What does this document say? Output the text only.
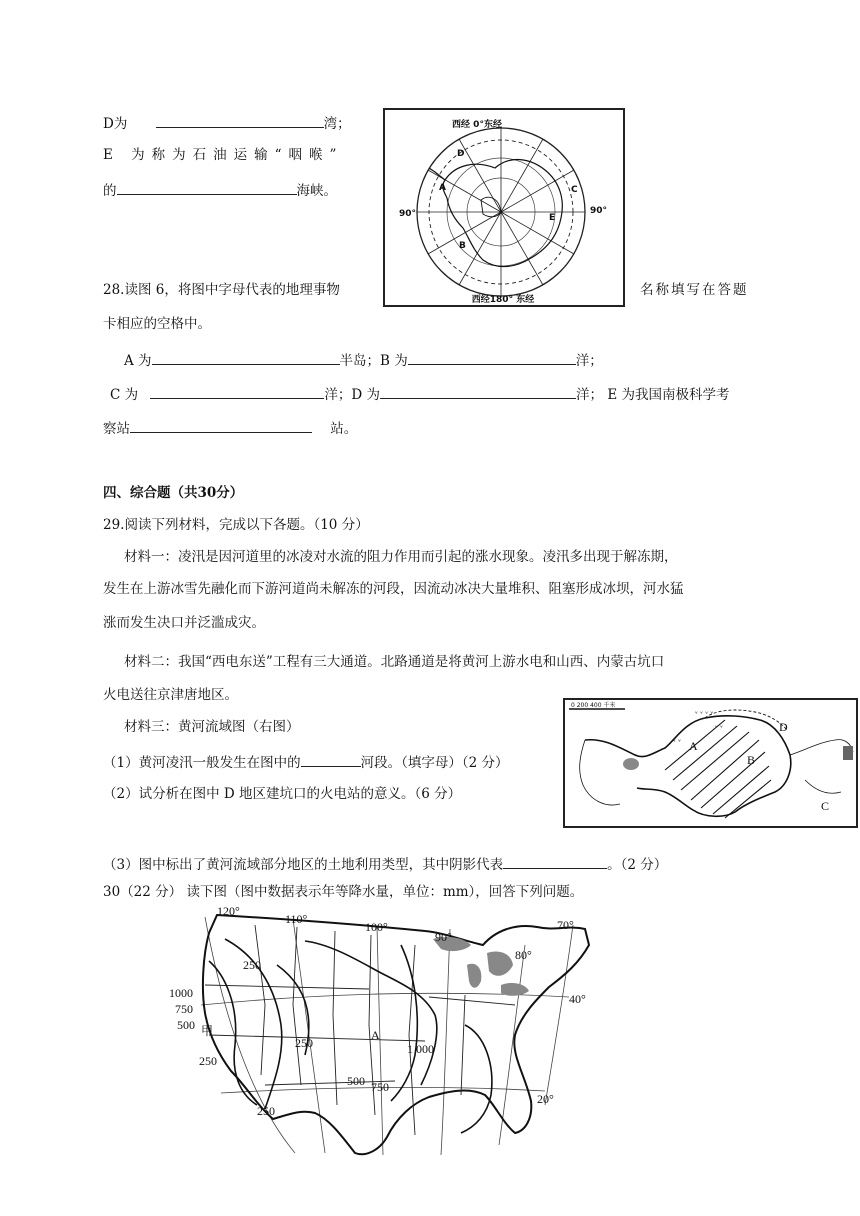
D为	湾；
E 为称为石油运输“咽喉”
的	海峡。
西经 0°东经
D
A
B
E
C
90°	90°
西经180° 东经
28.读图 6，将图中字母代表的地理事物	名称填写在答题
卡相应的空格中。
A 为	半岛；B 为	洋；
C 为	洋；D 为	洋； E 为我国南极科学考
察站	站。
四、综合题（共30分）
29.阅读下列材料，完成以下各题。（10 分）
材料一：凌汛是因河道里的冰凌对水流的阻力作用而引起的涨水现象。凌汛多出现于解冻期，
发生在上游冰雪先融化而下游河道尚未解冻的河段，因流动冰决大量堆积、阻塞形成冰坝，河水猛
涨而发生决口并泛滥成灾。
材料二：我国“西电东送”工程有三大通道。北路通道是将黄河上游水电和山西、内蒙古坑口
火电送往京津唐地区。
材料三：黄河流域图（右图）
（1）黄河凌汛一般发生在图中的	河段。（填字母）（2 分）
（2）试分析在图中 D 地区建坑口的火电站的意义。（6 分）
（3）图中标出了黄河流域部分地区的土地利用类型，其中阴影代表	。（2 分）
0 200 400 千米
ᵛ ᵛ ᵛ ᵛ
ᵛ ᵛ
ᵛ ᵛ A
B
C
D
30（22 分） 读下图（图中数据表示年等降水量，单位：mm），回答下列问题。
120°
110°
100°
90°
80°
70°
40°
20°
1000
750
500
250
250
250
250
1 000
500 750
甲	A
